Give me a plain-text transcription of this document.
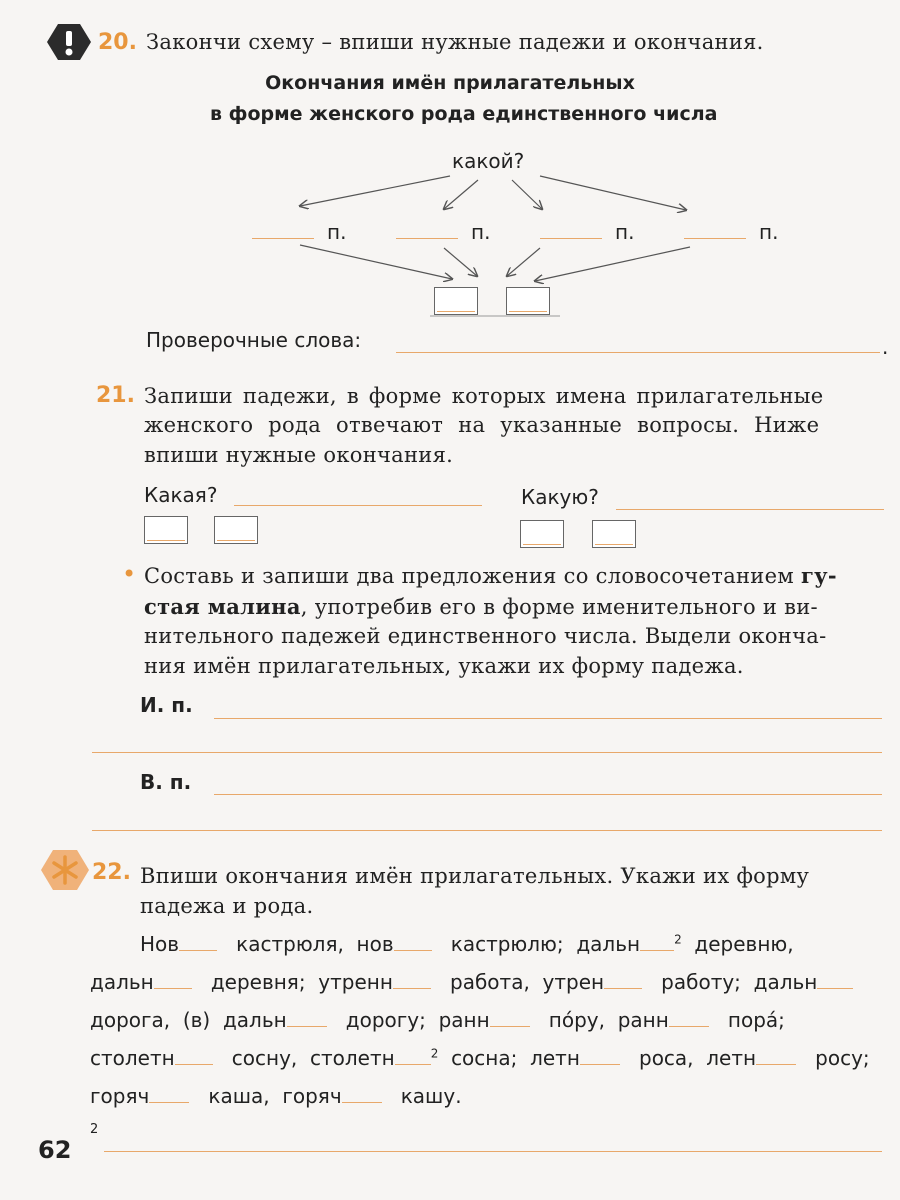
20. Закончи схему – впиши нужные падежи и окончания.
Окончания имён прилагательных
в форме женского рода единственного числа
какой?
п.	п.	п.	п.
Проверочные слова:	.
21. Запиши падежи, в форме которых имена прилагательные
женского рода отвечают на указанные вопросы. Ниже
впиши нужные окончания.
Какая?	Какую?
• Составь и запиши два предложения со словосочетанием гу-
стая малина, употребив его в форме именительного и ви-
нительного падежей единственного числа. Выдели оконча-
ния имён прилагательных, укажи их форму падежа.
И. п.
В. п.
22. Впиши окончания имён прилагательных. Укажи их форму
падежа и рода.
Нов	кастрюля, нов	кастрюлю; дальн	$^2$ деревню,
дальн	деревня; утренн	работа, утрен	работу; дальн
дорога, (в) дальн	дорогу; ранн	по́ру, ранн	пора́;
столетн	сосну, столетн	$^2$ сосна; летн	роса, летн	росу;
горяч	каша, горяч	кашу.
62
2
